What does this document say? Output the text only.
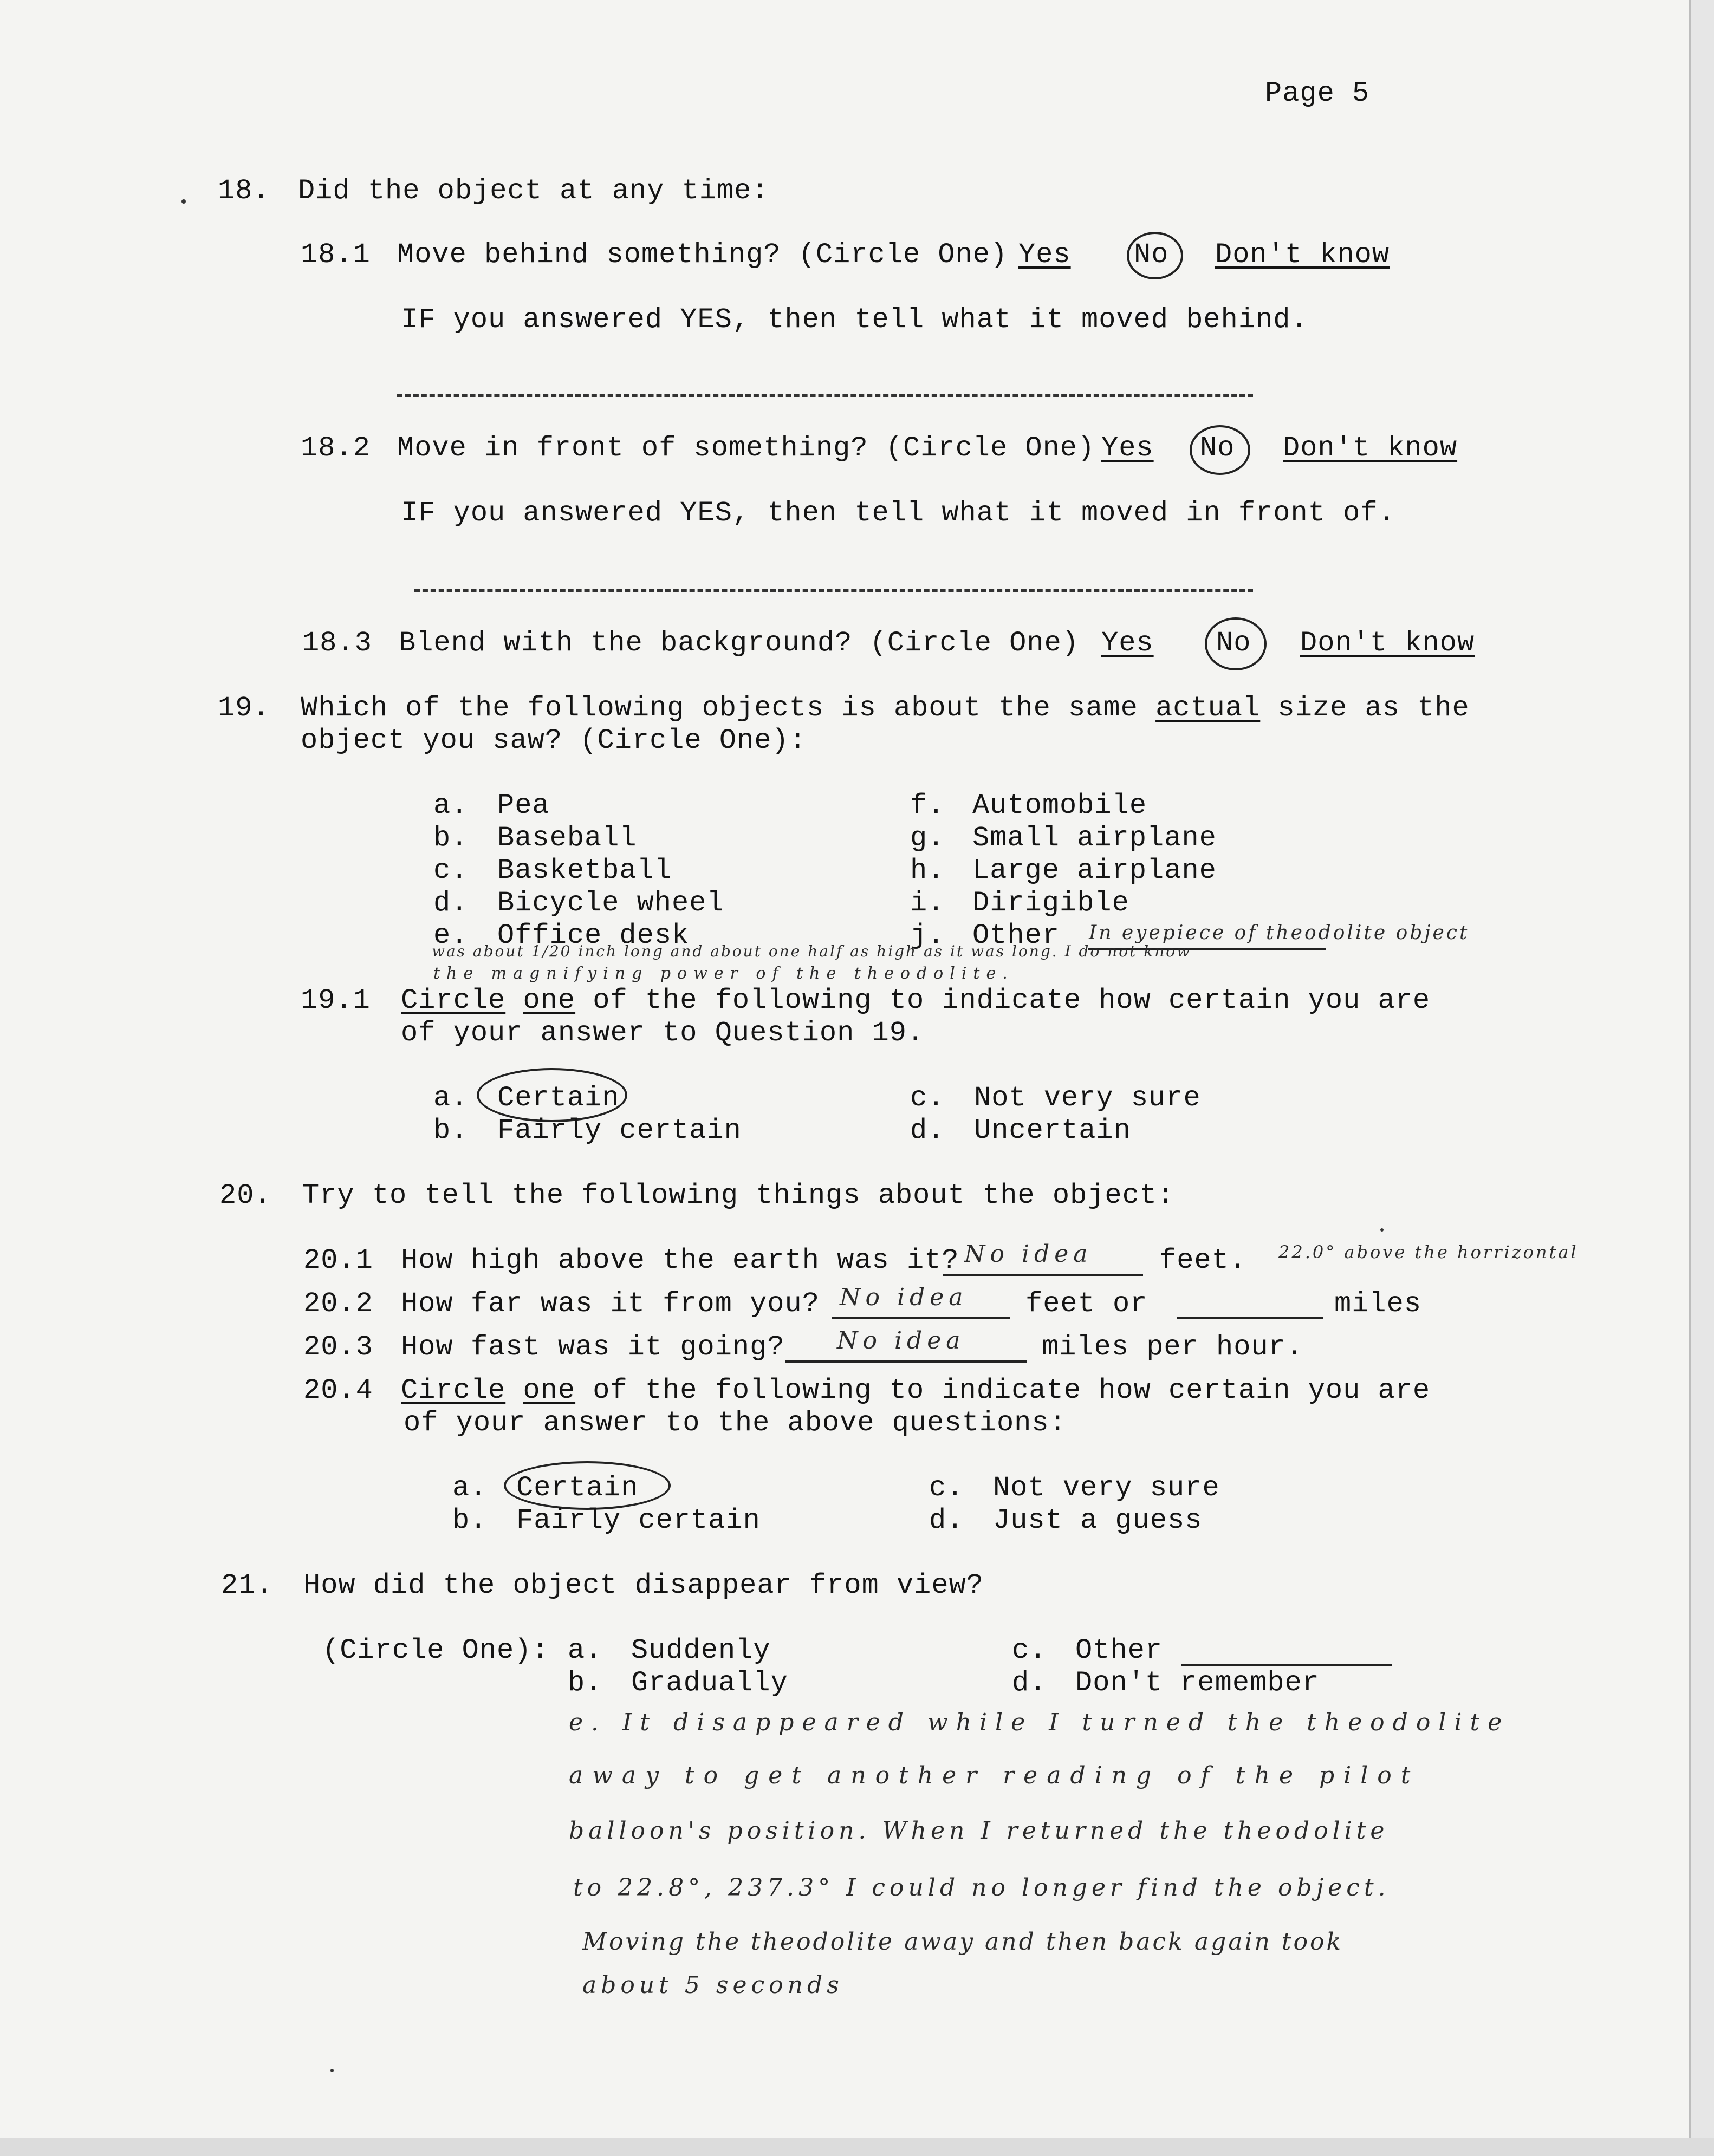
Page 5
18. Did the object at any time:
18.1 Move behind something? (Circle One) Yes No Don't know
IF you answered YES, then tell what it moved behind.
18.2 Move in front of something? (Circle One) Yes No Don't know
IF you answered YES, then tell what it moved in front of.
18.3 Blend with the background? (Circle One) Yes No Don't know
19. Which of the following objects is about the same actual size as the
object you saw? (Circle One):
a. Pea
b. Baseball
c. Basketball
d. Bicycle wheel
e. Office desk
f. Automobile
g. Small airplane
h. Large airplane
i. Dirigible
j. Other In eyepiece of theodolite object
was about 1/20 inch long and about one half as high as it was long. I do not know
the magnifying power of the theodolite.
19.1 Circle one of the following to indicate how certain you are
of your answer to Question 19.
a. Certain
b. Fairly certain
c. Not very sure
d. Uncertain
20. Try to tell the following things about the object:
20.1 How high above the earth was it? No idea feet. 22.0° above the horrizontal
20.2 How far was it from you? No idea feet or	miles
20.3 How fast was it going? No idea	miles per hour.
20.4 Circle one of the following to indicate how certain you are
of your answer to the above questions:
a. Certain
b. Fairly certain
c. Not very sure
d. Just a guess
21. How did the object disappear from view?
(Circle One): a. Suddenly
b. Gradually
c. Other
d. Don't remember
e. It disappeared while I turned the theodolite
away to get another reading of the pilot
balloon's position. When I returned the theodolite
to 22.8°, 237.3° I could no longer find the object.
Moving the theodolite away and then back again took
about 5 seconds
